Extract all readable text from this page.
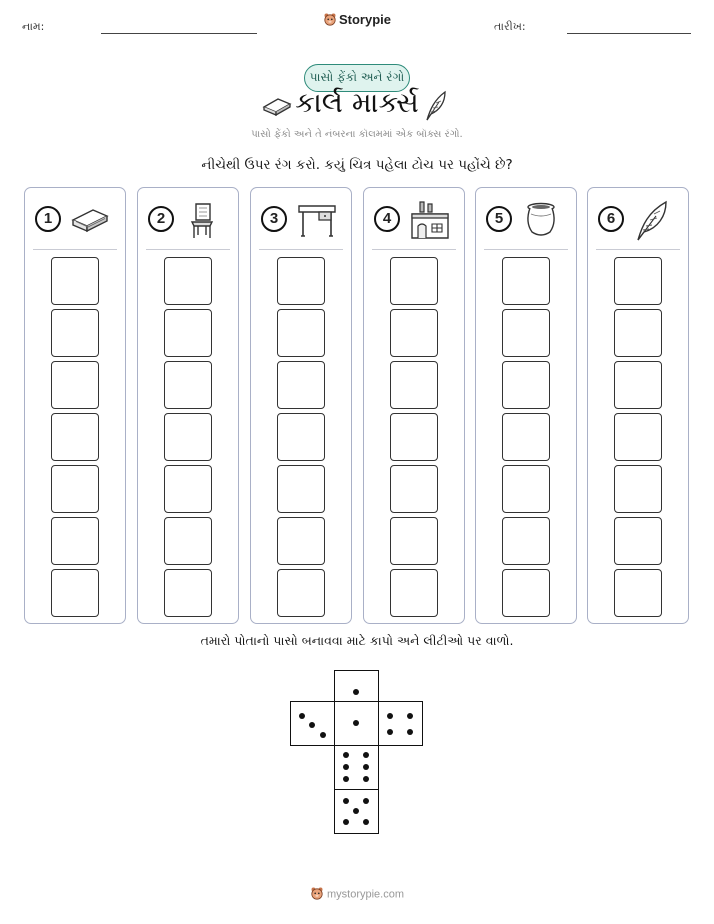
નામ:	તારીખ:
Storypie
પાસો ફેંકો અને રંગો
કાર્લ માર્ક્સ
પાસો ફેંકો અને તે નંબરના કૉલમમાં એક બૉક્સ રંગો.
નીચેથી ઉપર રંગ કરો. કયું ચિત્ર પહેલા ટોચ પર પહોંચે છે?
1	2	3	4	5	6
તમારો પોતાનો પાસો બનાવવા માટે કાપો અને લીટીઓ પર વાળો.
mystorypie.com
